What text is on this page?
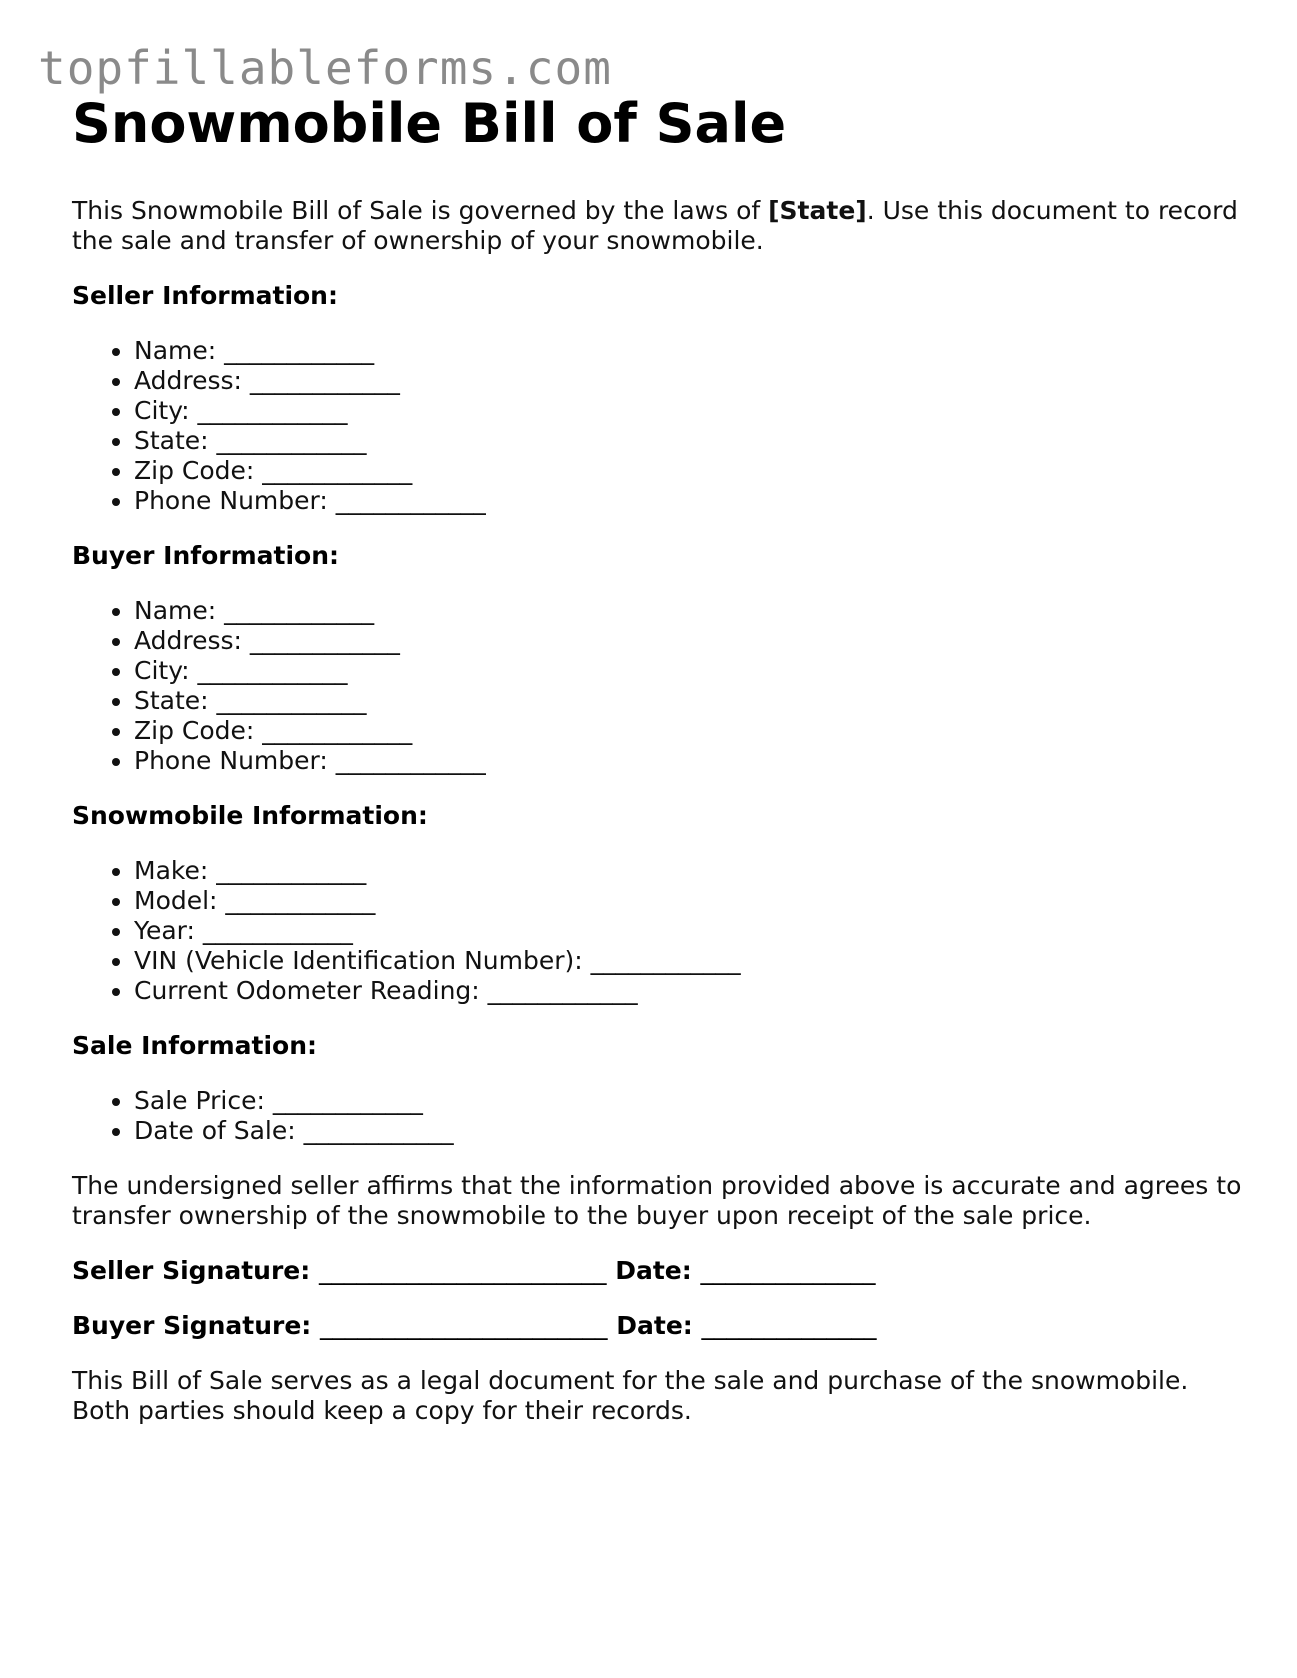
topfillableforms.com
Snowmobile Bill of Sale

This Snowmobile Bill of Sale is governed by the laws of [State]. Use this document to record the sale and transfer of ownership of your snowmobile.

Seller Information:
• Name: ____________
• Address: ____________
• City: ____________
• State: ____________
• Zip Code: ____________
• Phone Number: ____________
Buyer Information:
• Name: ____________
• Address: ____________
• City: ____________
• State: ____________
• Zip Code: ____________
• Phone Number: ____________
Snowmobile Information:
• Make: ____________
• Model: ____________
• Year: ____________
• VIN (Vehicle Identification Number): ____________
• Current Odometer Reading: ____________
Sale Information:
• Sale Price: ____________
• Date of Sale: ____________

The undersigned seller affirms that the information provided above is accurate and agrees to transfer ownership of the snowmobile to the buyer upon receipt of the sale price.

Seller Signature: _______________________ Date: ______________
Buyer Signature: _______________________ Date: ______________

This Bill of Sale serves as a legal document for the sale and purchase of the snowmobile. Both parties should keep a copy for their records.
